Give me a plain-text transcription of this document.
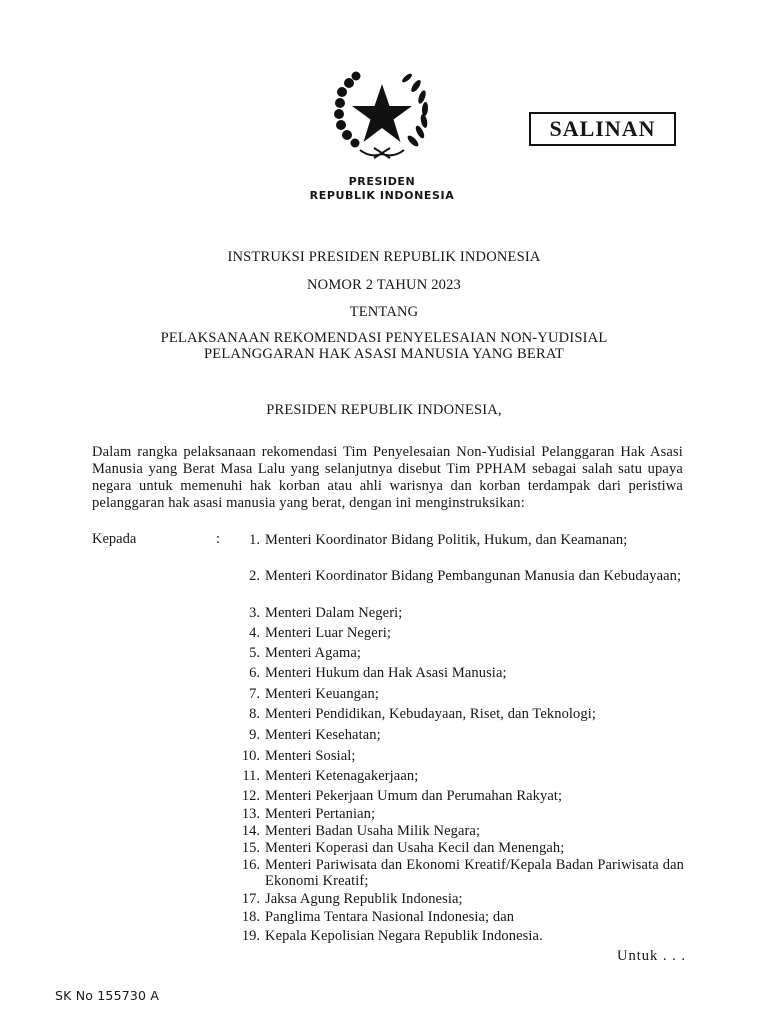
SALINAN
PRESIDEN
REPUBLIK INDONESIA
INSTRUKSI PRESIDEN REPUBLIK INDONESIA
NOMOR 2 TAHUN 2023
TENTANG
PELAKSANAAN REKOMENDASI PENYELESAIAN NON-YUDISIAL
PELANGGARAN HAK ASASI MANUSIA YANG BERAT
PRESIDEN REPUBLIK INDONESIA,

Dalam rangka pelaksanaan rekomendasi Tim Penyelesaian Non-Yudisial Pelanggaran Hak Asasi Manusia yang Berat Masa Lalu yang selanjutnya disebut Tim PPHAM sebagai salah satu upaya negara untuk memenuhi hak korban atau ahli warisnya dan korban terdampak dari peristiwa pelanggaran hak asasi manusia yang berat, dengan ini menginstruksikan:

Kepada	:	1. Menteri Koordinator Bidang Politik, Hukum, dan Keamanan;
2. Menteri Koordinator Bidang Pembangunan Manusia dan Kebudayaan;
3. Menteri Dalam Negeri;
4. Menteri Luar Negeri;
5. Menteri Agama;
6. Menteri Hukum dan Hak Asasi Manusia;
7. Menteri Keuangan;
8. Menteri Pendidikan, Kebudayaan, Riset, dan Teknologi;
9. Menteri Kesehatan;
10. Menteri Sosial;
11. Menteri Ketenagakerjaan;
12. Menteri Pekerjaan Umum dan Perumahan Rakyat;
13. Menteri Pertanian;
14. Menteri Badan Usaha Milik Negara;
15. Menteri Koperasi dan Usaha Kecil dan Menengah;
16. Menteri Pariwisata dan Ekonomi Kreatif/Kepala Badan Pariwisata dan Ekonomi Kreatif;
17. Jaksa Agung Republik Indonesia;
18. Panglima Tentara Nasional Indonesia; dan
19. Kepala Kepolisian Negara Republik Indonesia.
Untuk . . .
SK No 155730 A
